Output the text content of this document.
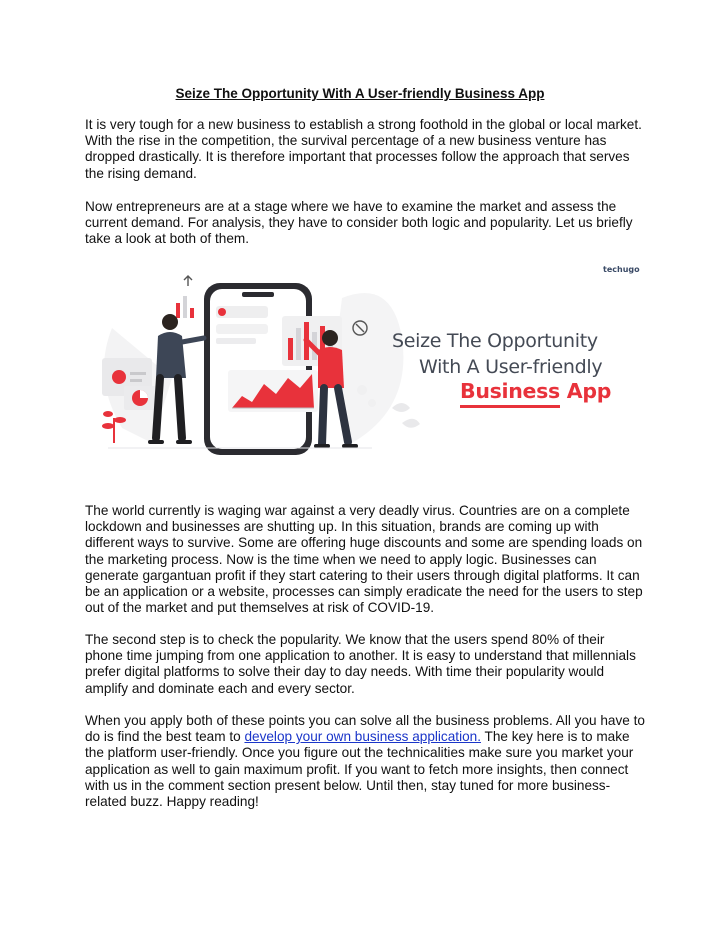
Seize The Opportunity With A User-friendly Business App

It is very tough for a new business to establish a strong foothold in the global or local market. With the rise in the competition, the survival percentage of a new business venture has dropped drastically. It is therefore important that processes follow the approach that serves the rising demand.

Now entrepreneurs are at a stage where we have to examine the market and assess the current demand. For analysis, they have to consider both logic and popularity. Let us briefly take a look at both of them.

Seize The Opportunity
With A User-friendly
Business App
techugo

The world currently is waging war against a very deadly virus. Countries are on a complete lockdown and businesses are shutting up. In this situation, brands are coming up with different ways to survive. Some are offering huge discounts and some are spending loads on the marketing process. Now is the time when we need to apply logic. Businesses can generate gargantuan profit if they start catering to their users through digital platforms. It can be an application or a website, processes can simply eradicate the need for the users to step out of the market and put themselves at risk of COVID-19.

The second step is to check the popularity. We know that the users spend 80% of their phone time jumping from one application to another. It is easy to understand that millennials prefer digital platforms to solve their day to day needs. With time their popularity would amplify and dominate each and every sector.

When you apply both of these points you can solve all the business problems. All you have to do is find the best team to develop your own business application. The key here is to make the platform user-friendly. Once you figure out the technicalities make sure you market your application as well to gain maximum profit. If you want to fetch more insights, then connect with us in the comment section present below. Until then, stay tuned for more business-related buzz. Happy reading!
